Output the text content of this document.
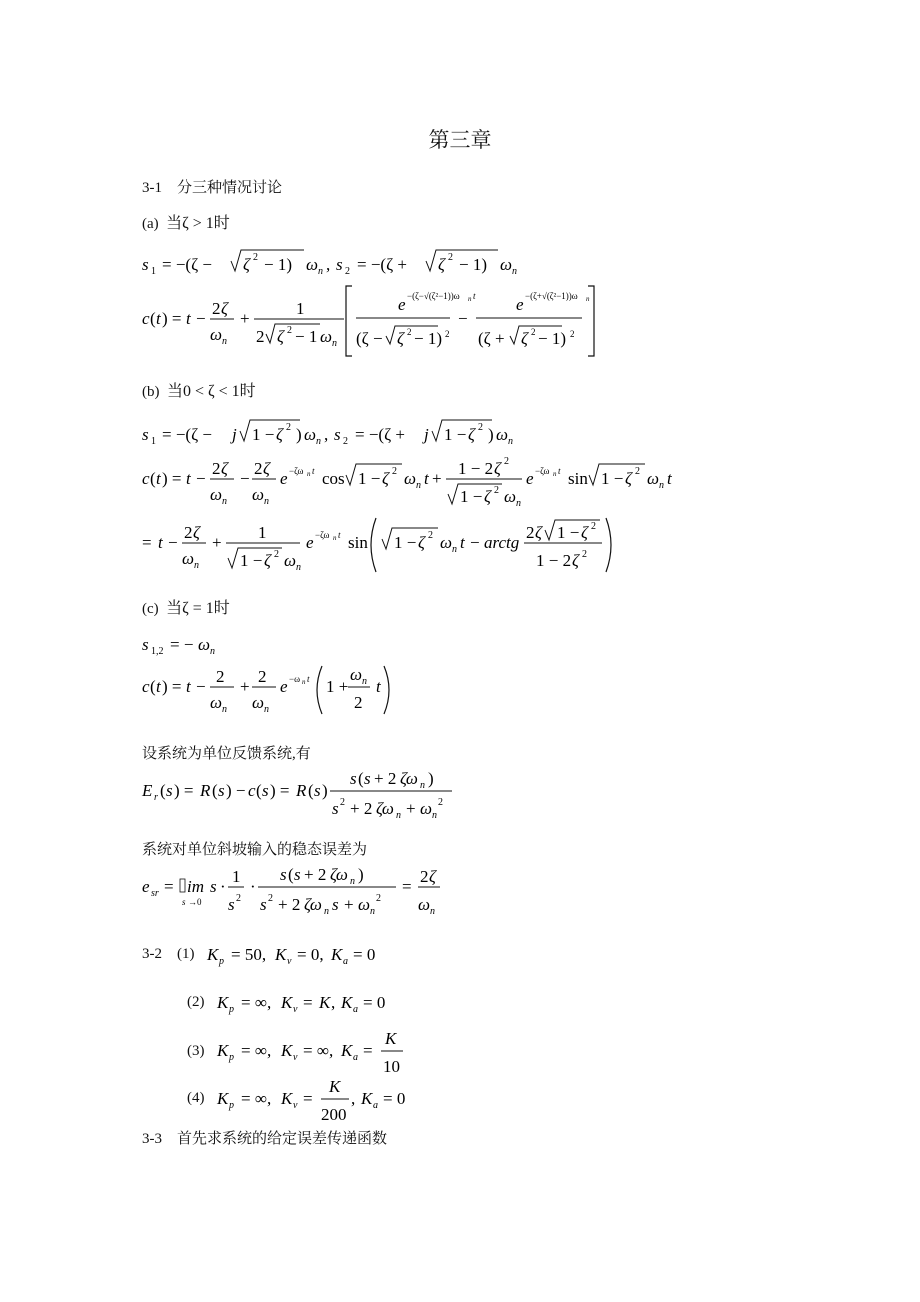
第三章
3-1 分三种情况讨论
(a) 当ζ > 1时
s 1 = −(ζ − ζ 2 − 1) ω n , s 2 = −(ζ + ζ 2 − 1) ω n
c ( t ) = t −
2 ζ
ω n
+
1
2 ζ 2 − 1 ω n
e −(ζ−√(ζ²−1))ω n t
(ζ − ζ 2 − 1) 2
−
e −(ζ+√(ζ²−1))ω n
(ζ + ζ 2 − 1) 2
(b) 当0 < ζ < 1时
s 1 = −(ζ − j 1 − ζ 2 ) ω n , s 2 = −(ζ + j 1 − ζ 2 ) ω n
c ( t ) = t −
2 ζ
ω n
−
2 ζ
ω n
e −ζω n t cos 1 − ζ 2 ω n t +
1 − 2 ζ 2
1 − ζ 2 ω n
e −ζω n t sin 1 − ζ 2 ω n t
= t −
2 ζ
ω n
+
1
1 − ζ 2 ω n
e −ζω n t sin 1 − ζ 2 ω n t − arctg
2 ζ 1 − ζ 2
1 − 2 ζ 2
(c) 当ζ = 1时
s 1,2 = − ω n
c ( t ) = t −
2
ω n
+
2
ω n
e −ω n t 1 +
ω n
2
t
设系统为单位反馈系统,有
E r ( s ) = R ( s ) − c ( s ) = R ( s )
s ( s + 2 ζω n )
s 2 + 2 ζω n + ω n
2
系统对单位斜坡输入的稳态误差为
e sr = im
s →0
s ·
1
s 2
·
s ( s + 2 ζω n )
s 2 + 2 ζω n s + ω n
2
=
2 ζ
ω n
3-2 (1) K p = 50, K v = 0, K a = 0
(2) K p = ∞, K v = K , K a = 0
(3) K p = ∞, K v = ∞, K a =
K
10
(4) K p = ∞, K v =
K
200
, K a = 0
3-3 首先求系统的给定误差传递函数
